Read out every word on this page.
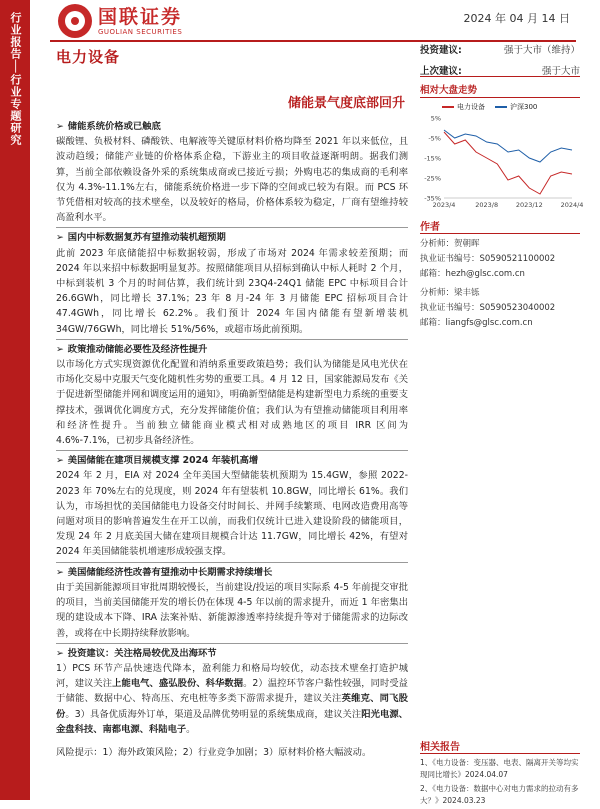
行业报告│行业专题研究	国联证券
GUOLIAN SECURITIES
2024 年 04 月 14 日
电力设备
储能景气度底部回升
投资建议:	强于大市（维持）
上次建议:	强于大市
相对大盘走势
电力设备	沪深300
5%
-5%
-15%
-25%
-35%
2023/4	2023/8	2023/12	2024/4
作者
分析师：贺朝晖
执业证书编号：S0590521100002
邮箱：hezh@glsc.com.cn
分析师：梁丰铄
执业证书编号：S0590523040002
邮箱：liangfs@glsc.com.cn
相关报告
1、《电力设备：变压器、电表、隔离开关等均实现同比增长》2024.04.07
2、《电力设备：数据中心对电力需求的拉动有多大？》2024.03.23
➢ 储能系统价格或已触底

碳酸锂、负极材料、磷酸铁、电解液等关键原材料价格均降至 2021 年以来低位，且波动趋缓；储能产业链的价格体系企稳，下游业主的项目收益逐渐明朗。据我们测算，当前全部依赖设备外采的系统集成商或已接近亏损；外购电芯的集成商的毛利率仅为 4.3%-11.1%左右，储能系统价格进一步下降的空间或已较为有限。而 PCS 环节凭借相对较高的技术壁垒，以及较好的格局，价格体系较为稳定，厂商有望维持较高盈利水平。

➢ 国内中标数据复苏有望推动装机超预期

此前 2023 年底储能招中标数据较弱，形成了市场对 2024 年需求较差预期；而 2024 年以来招中标数据明显复苏。按照储能项目从招标到确认中标人耗时 2 个月，中标到装机 3 个月的时间估算，我们统计到 23Q4-24Q1 储能 EPC 中标项目合计 26.6GWh，同比增长 37.1%；23 年 8 月-24 年 3 月储能 EPC 招标项目合计 47.4GWh，同比增长 62.2%。我们预计 2024 年国内储能有望新增装机 34GW/76GWh，同比增长 51%/56%，或超市场此前预期。

➢ 政策推动储能必要性及经济性提升

以市场化方式实现资源优化配置和消纳系重要政策趋势；我们认为储能是风电光伏在市场化交易中克服天气变化随机性劣势的重要工具。4 月 12 日，国家能源局发布《关于促进新型储能并网和调度运用的通知》，明确新型储能是构建新型电力系统的重要支撑技术，强调优化调度方式，充分发挥储能价值；我们认为有望推动储能项目利用率和经济性提升。当前独立储能商业模式相对成熟地区的项目 IRR 区间为 4.6%-7.1%，已初步具备经济性。

➢ 美国储能在建项目规模支撑 2024 年装机高增

2024 年 2 月，EIA 对 2024 全年美国大型储能装机预期为 15.4GW，参照 2022-2023 年 70%左右的兑现度，则 2024 年有望装机 10.8GW，同比增长 61%。我们认为，市场担忧的美国储能电力设备交付时间长、并网手续繁琐、电网改造费用高等问题对项目的影响普遍发生在开工以前，而我们仅统计已进入建设阶段的储能项目，发现 24 年 2 月底美国大储在建项目规模合计达 11.7GW，同比增长 42%，有望对 2024 年美国储能装机增速形成较强支撑。

➢ 美国储能经济性改善有望推动中长期需求持续增长

由于美国新能源项目审批周期较慢长，当前建设/投运的项目实际系 4-5 年前提交审批的项目，当前美国储能开发的增长仍在体现 4-5 年以前的需求提升，而近 1 年密集出现的建设成本下降、IRA 法案补贴、新能源渗透率持续提升等对于储能需求的边际改善，或将在中长期持续释放影响。

➢ 投资建议：关注格局较优及出海环节

1）PCS 环节产品快速迭代降本，盈利能力和格局均较优，动态技术壁垒打造护城河，建议关注上能电气、盛弘股份、科华数据。2）温控环节客户黏性较强，同时受益于储能、数据中心、特高压、充电桩等多类下游需求提升，建议关注英维克、同飞股份。3）具备优质海外订单，渠道及品牌优势明显的系统集成商，建议关注阳光电源、金盘科技、南都电源、科陆电子。

风险提示：1）海外政策风险；2）行业竞争加剧；3）原材料价格大幅波动。
